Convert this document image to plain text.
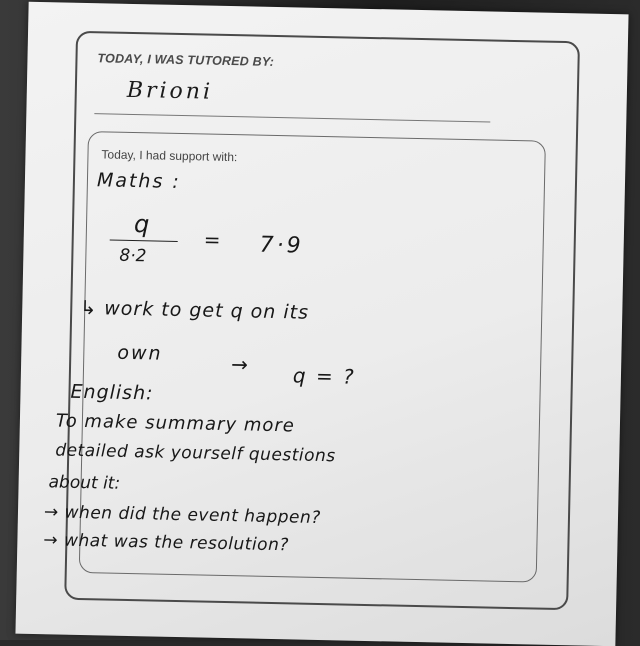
TODAY, I WAS TUTORED BY:
Brioni
Today, I had support with:
Maths :
q
8·2
= 7·9
↳ work to get q on its
own	→ q = ?
English:
To make summary more
detailed ask yourself questions
about it:
→ when did the event happen?
→ what was the resolution?
